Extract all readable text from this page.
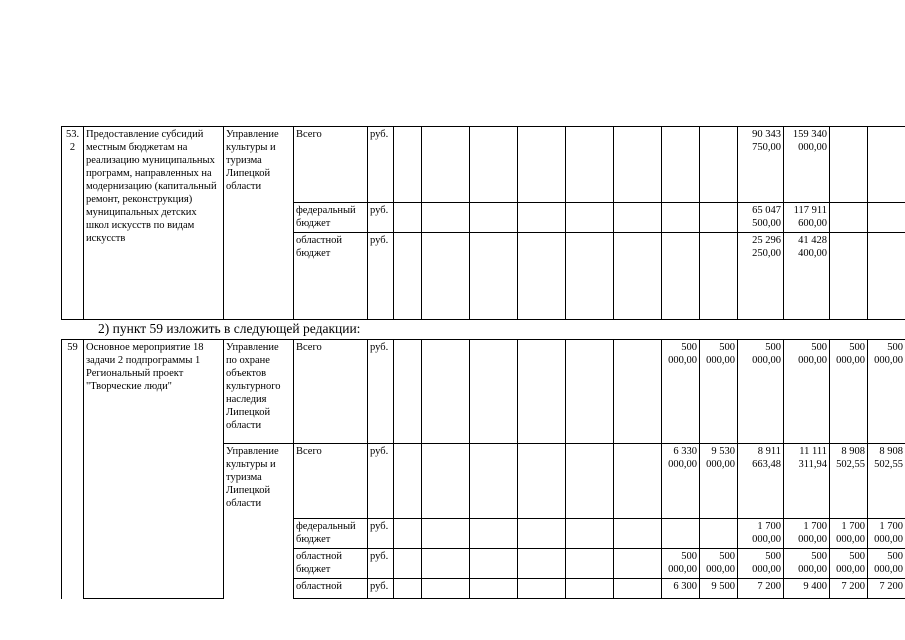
53.2	Предоставление субсидий местным бюджетам на реализацию муниципальных программ, направленных на модернизацию (капитальный ремонт, реконструкция) муниципальных детских школ искусств по видам искусств	Управление культуры и туризма Липецкой области	Всего	руб.									90 343 750,00	159 340 000,00		
			федеральный бюджет	руб.									65 047 500,00	117 911 600,00		
			областной бюджет	руб.									25 296 250,00	41 428 400,00		
2) пункт 59 изложить в следующей редакции:
59	Основное мероприятие 18 задачи 2 подпрограммы 1 Региональный проект "Творческие люди"	Управление по охране объектов культурного наследия Липецкой области	Всего	руб.							500 000,00	500 000,00	500 000,00	500 000,00	500 000,00	500 000,00
		Управление культуры и туризма Липецкой области	Всего	руб.							6 330 000,00	9 530 000,00	8 911 663,48	11 111 311,94	8 908 502,55	8 908 502,55
			федеральный бюджет	руб.									1 700 000,00	1 700 000,00	1 700 000,00	1 700 000,00
			областной бюджет	руб.							500 000,00	500 000,00	500 000,00	500 000,00	500 000,00	500 000,00
			областной	руб.							6 300	9 500	7 200	9 400	7 200	7 200
